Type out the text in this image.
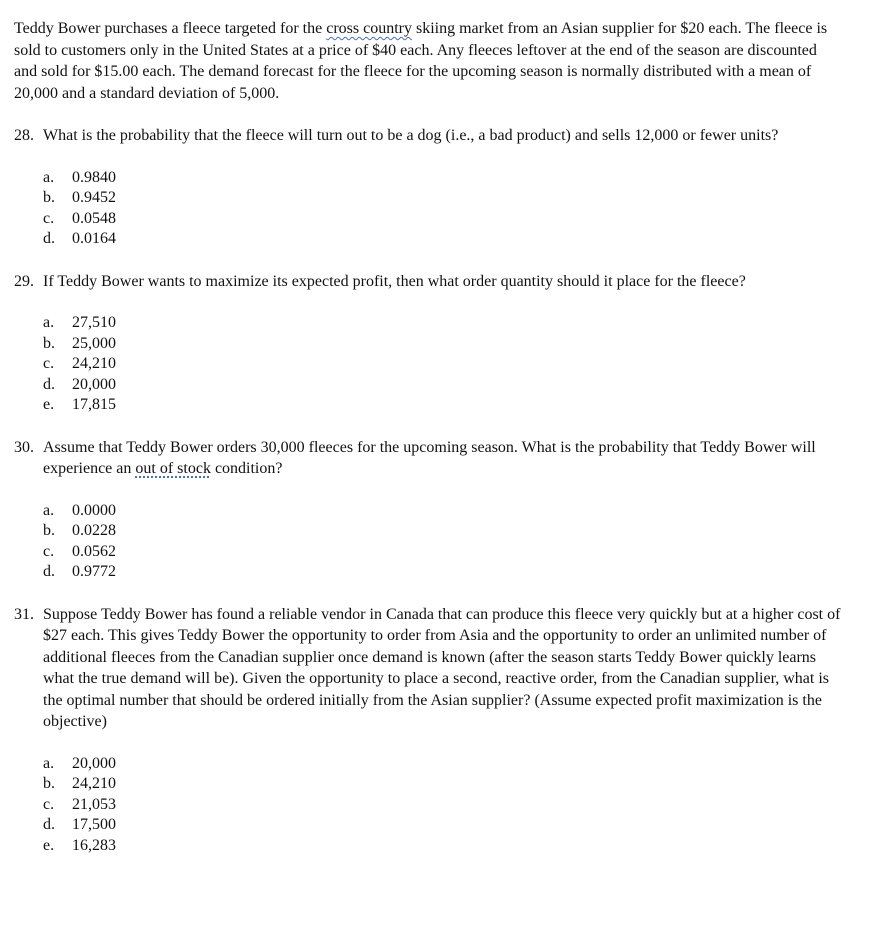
Teddy Bower purchases a fleece targeted for the cross country skiing market from an Asian supplier for $20 each. The fleece is sold to customers only in the United States at a price of $40 each. Any fleeces leftover at the end of the season are discounted and sold for $15.00 each. The demand forecast for the fleece for the upcoming season is normally distributed with a mean of 20,000 and a standard deviation of 5,000.

28. What is the probability that the fleece will turn out to be a dog (i.e., a bad product) and sells 12,000 or fewer units?
a.	0.9840
b.	0.9452
c.	0.0548
d.	0.0164
29. If Teddy Bower wants to maximize its expected profit, then what order quantity should it place for the fleece?
a.	27,510
b.	25,000
c.	24,210
d.	20,000
e.	17,815
30. Assume that Teddy Bower orders 30,000 fleeces for the upcoming season. What is the probability that Teddy Bower will experience an out of stock condition?
a.	0.0000
b.	0.0228
c.	0.0562
d.	0.9772
31. Suppose Teddy Bower has found a reliable vendor in Canada that can produce this fleece very quickly but at a higher cost of $27 each. This gives Teddy Bower the opportunity to order from Asia and the opportunity to order an unlimited number of additional fleeces from the Canadian supplier once demand is known (after the season starts Teddy Bower quickly learns what the true demand will be). Given the opportunity to place a second, reactive order, from the Canadian supplier, what is the optimal number that should be ordered initially from the Asian supplier? (Assume expected profit maximization is the objective)
a.	20,000
b.	24,210
c.	21,053
d.	17,500
e.	16,283
